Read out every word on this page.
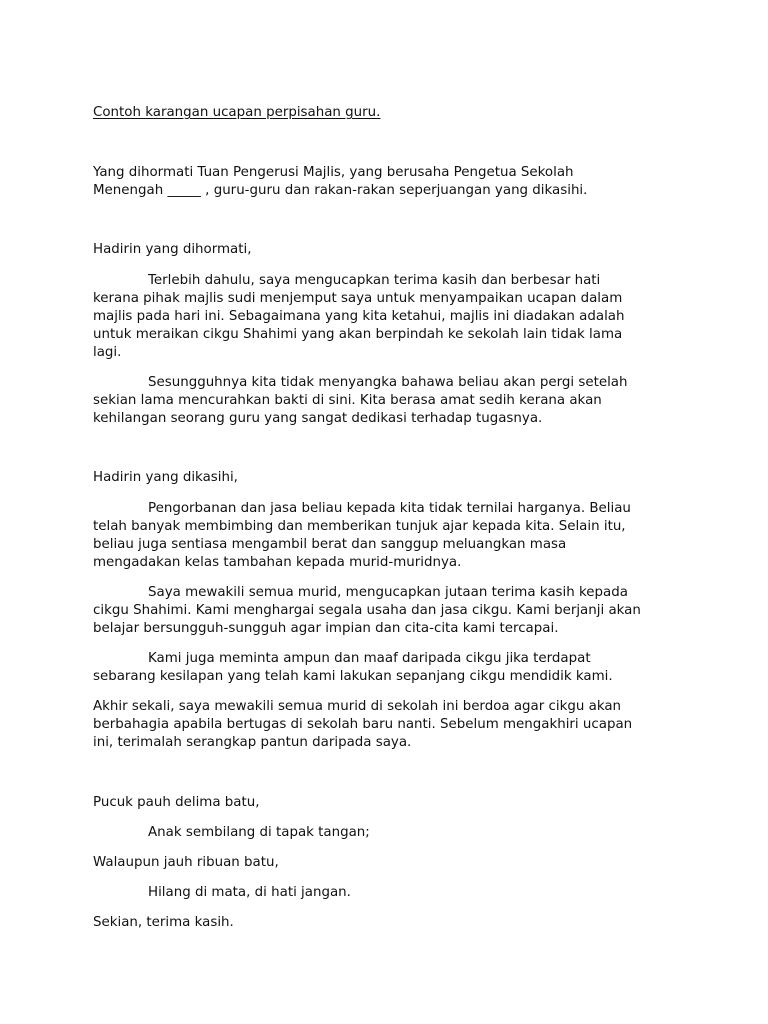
Contoh karangan ucapan perpisahan guru.
Yang dihormati Tuan Pengerusi Majlis, yang berusaha Pengetua Sekolah
Menengah _____ , guru-guru dan rakan-rakan seperjuangan yang dikasihi.
Hadirin yang dihormati,
Terlebih dahulu, saya mengucapkan terima kasih dan berbesar hati
kerana pihak majlis sudi menjemput saya untuk menyampaikan ucapan dalam
majlis pada hari ini. Sebagaimana yang kita ketahui, majlis ini diadakan adalah
untuk meraikan cikgu Shahimi yang akan berpindah ke sekolah lain tidak lama
lagi.
Sesungguhnya kita tidak menyangka bahawa beliau akan pergi setelah
sekian lama mencurahkan bakti di sini. Kita berasa amat sedih kerana akan
kehilangan seorang guru yang sangat dedikasi terhadap tugasnya.
Hadirin yang dikasihi,
Pengorbanan dan jasa beliau kepada kita tidak ternilai harganya. Beliau
telah banyak membimbing dan memberikan tunjuk ajar kepada kita. Selain itu,
beliau juga sentiasa mengambil berat dan sanggup meluangkan masa
mengadakan kelas tambahan kepada murid-muridnya.
Saya mewakili semua murid, mengucapkan jutaan terima kasih kepada
cikgu Shahimi. Kami menghargai segala usaha dan jasa cikgu. Kami berjanji akan
belajar bersungguh-sungguh agar impian dan cita-cita kami tercapai.
Kami juga meminta ampun dan maaf daripada cikgu jika terdapat
sebarang kesilapan yang telah kami lakukan sepanjang cikgu mendidik kami.
Akhir sekali, saya mewakili semua murid di sekolah ini berdoa agar cikgu akan
berbahagia apabila bertugas di sekolah baru nanti. Sebelum mengakhiri ucapan
ini, terimalah serangkap pantun daripada saya.
Pucuk pauh delima batu,
Anak sembilang di tapak tangan;
Walaupun jauh ribuan batu,
Hilang di mata, di hati jangan.
Sekian, terima kasih.
